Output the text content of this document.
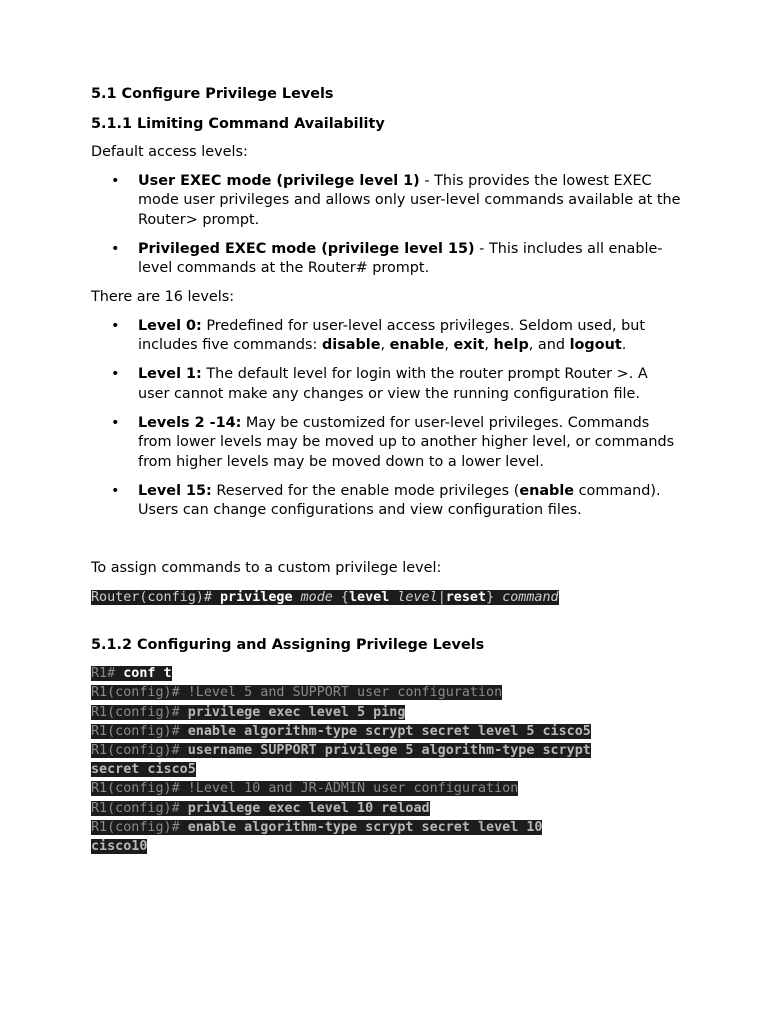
5.1 Configure Privilege Levels

5.1.1 Limiting Command Availability

Default access levels:

• User EXEC mode (privilege level 1) - This provides the lowest EXEC mode user privileges and allows only user-level commands available at the Router> prompt.
• Privileged EXEC mode (privilege level 15) - This includes all enable-level commands at the Router# prompt.

There are 16 levels:

• Level 0: Predefined for user-level access privileges. Seldom used, but includes five commands: disable, enable, exit, help, and logout.
• Level 1: The default level for login with the router prompt Router >. A user cannot make any changes or view the running configuration file.
• Levels 2 -14: May be customized for user-level privileges. Commands from lower levels may be moved up to another higher level, or commands from higher levels may be moved down to a lower level.
• Level 15: Reserved for the enable mode privileges (enable command). Users can change configurations and view configuration files.

To assign commands to a custom privilege level:

Router(config)# privilege mode {level level|reset} command

5.1.2 Configuring and Assigning Privilege Levels

R1# conf t
R1(config)# !Level 5 and SUPPORT user configuration
R1(config)# privilege exec level 5 ping
R1(config)# enable algorithm-type scrypt secret level 5 cisco5
R1(config)# username SUPPORT privilege 5 algorithm-type scrypt
secret cisco5
R1(config)# !Level 10 and JR-ADMIN user configuration
R1(config)# privilege exec level 10 reload
R1(config)# enable algorithm-type scrypt secret level 10
cisco10
